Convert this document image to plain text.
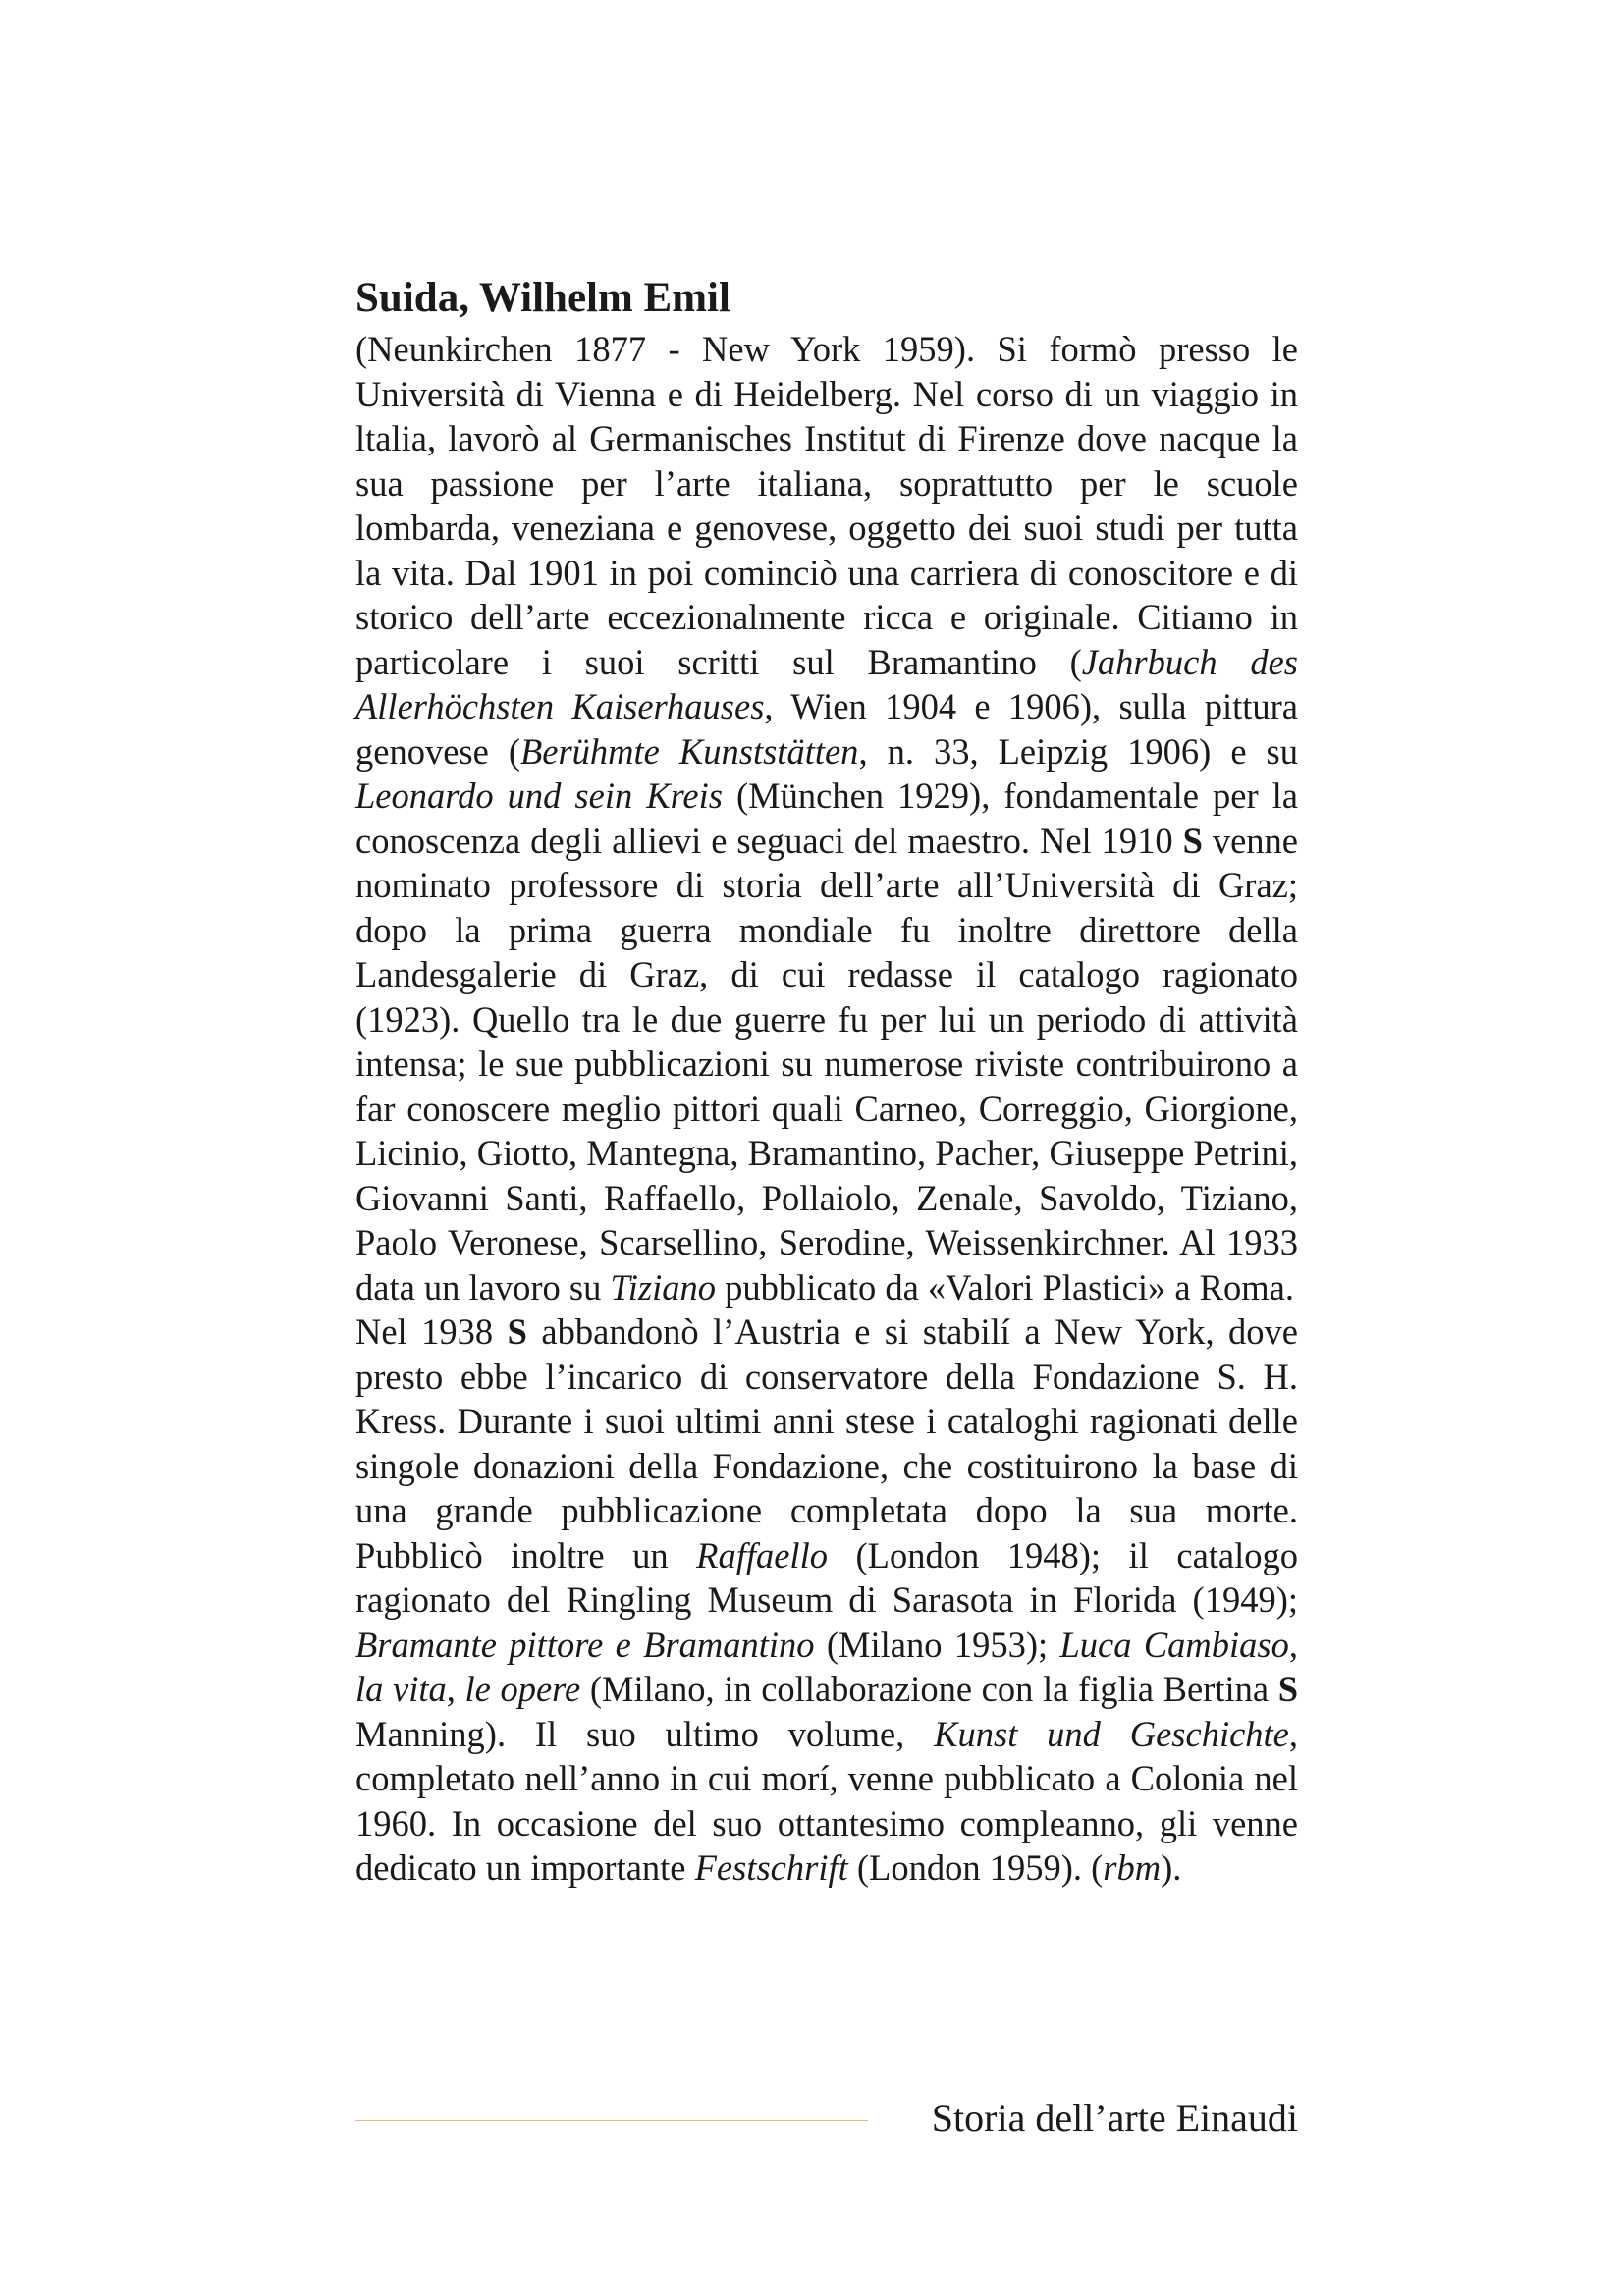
Suida, Wilhelm Emil

(Neunkirchen 1877 - New York 1959). Si formò presso le Università di Vienna e di Heidelberg. Nel corso di un viaggio in ltalia, lavorò al Germanisches Institut di Firenze dove nacque la sua passione per l’arte italiana, soprattutto per le scuole lombarda, veneziana e genovese, oggetto dei suoi studi per tutta la vita. Dal 1901 in poi cominciò una carriera di conoscitore e di storico dell’arte eccezionalmente ricca e originale. Citiamo in particolare i suoi scritti sul Bramantino (Jahrbuch des Allerhöchsten Kaiserhauses, Wien 1904 e 1906), sulla pittura genovese (Berühmte Kunststätten, n. 33, Leipzig 1906) e su Leonardo und sein Kreis (München 1929), fondamentale per la conoscenza degli allievi e seguaci del maestro. Nel 1910 S venne nominato professore di storia dell’arte all’Università di Graz; dopo la prima guerra mondiale fu inoltre direttore della Landesgalerie di Graz, di cui redasse il catalogo ragionato (1923). Quello tra le due guerre fu per lui un periodo di attività intensa; le sue pubblicazioni su numerose riviste contribuirono a far conoscere meglio pittori quali Carneo, Correggio, Giorgione, Licinio, Giotto, Mantegna, Bramantino, Pacher, Giuseppe Petrini, Giovanni Santi, Raffaello, Pollaiolo, Zenale, Savoldo, Tiziano, Paolo Veronese, Scarsellino, Serodine, Weissenkirchner. Al 1933 data un lavoro su Tiziano pubblicato da «Valori Plastici» a Roma.

Nel 1938 S abbandonò l’Austria e si stabilí a New York, dove presto ebbe l’incarico di conservatore della Fondazione S. H. Kress. Durante i suoi ultimi anni stese i cataloghi ragionati delle singole donazioni della Fondazione, che costituirono la base di una grande pubblicazione completata dopo la sua morte. Pubblicò inoltre un Raffaello (London 1948); il catalogo ragionato del Ringling Museum di Sarasota in Florida (1949); Bramante pittore e Bramantino (Milano 1953); Luca Cambiaso, la vita, le opere (Milano, in collaborazione con la figlia Bertina S Manning). Il suo ultimo volume, Kunst und Geschichte, completato nell’anno in cui morí, venne pubblicato a Colonia nel 1960. In occasione del suo ottantesimo compleanno, gli venne dedicato un importante Festschrift (London 1959). (rbm).

Storia dell’arte Einaudi
